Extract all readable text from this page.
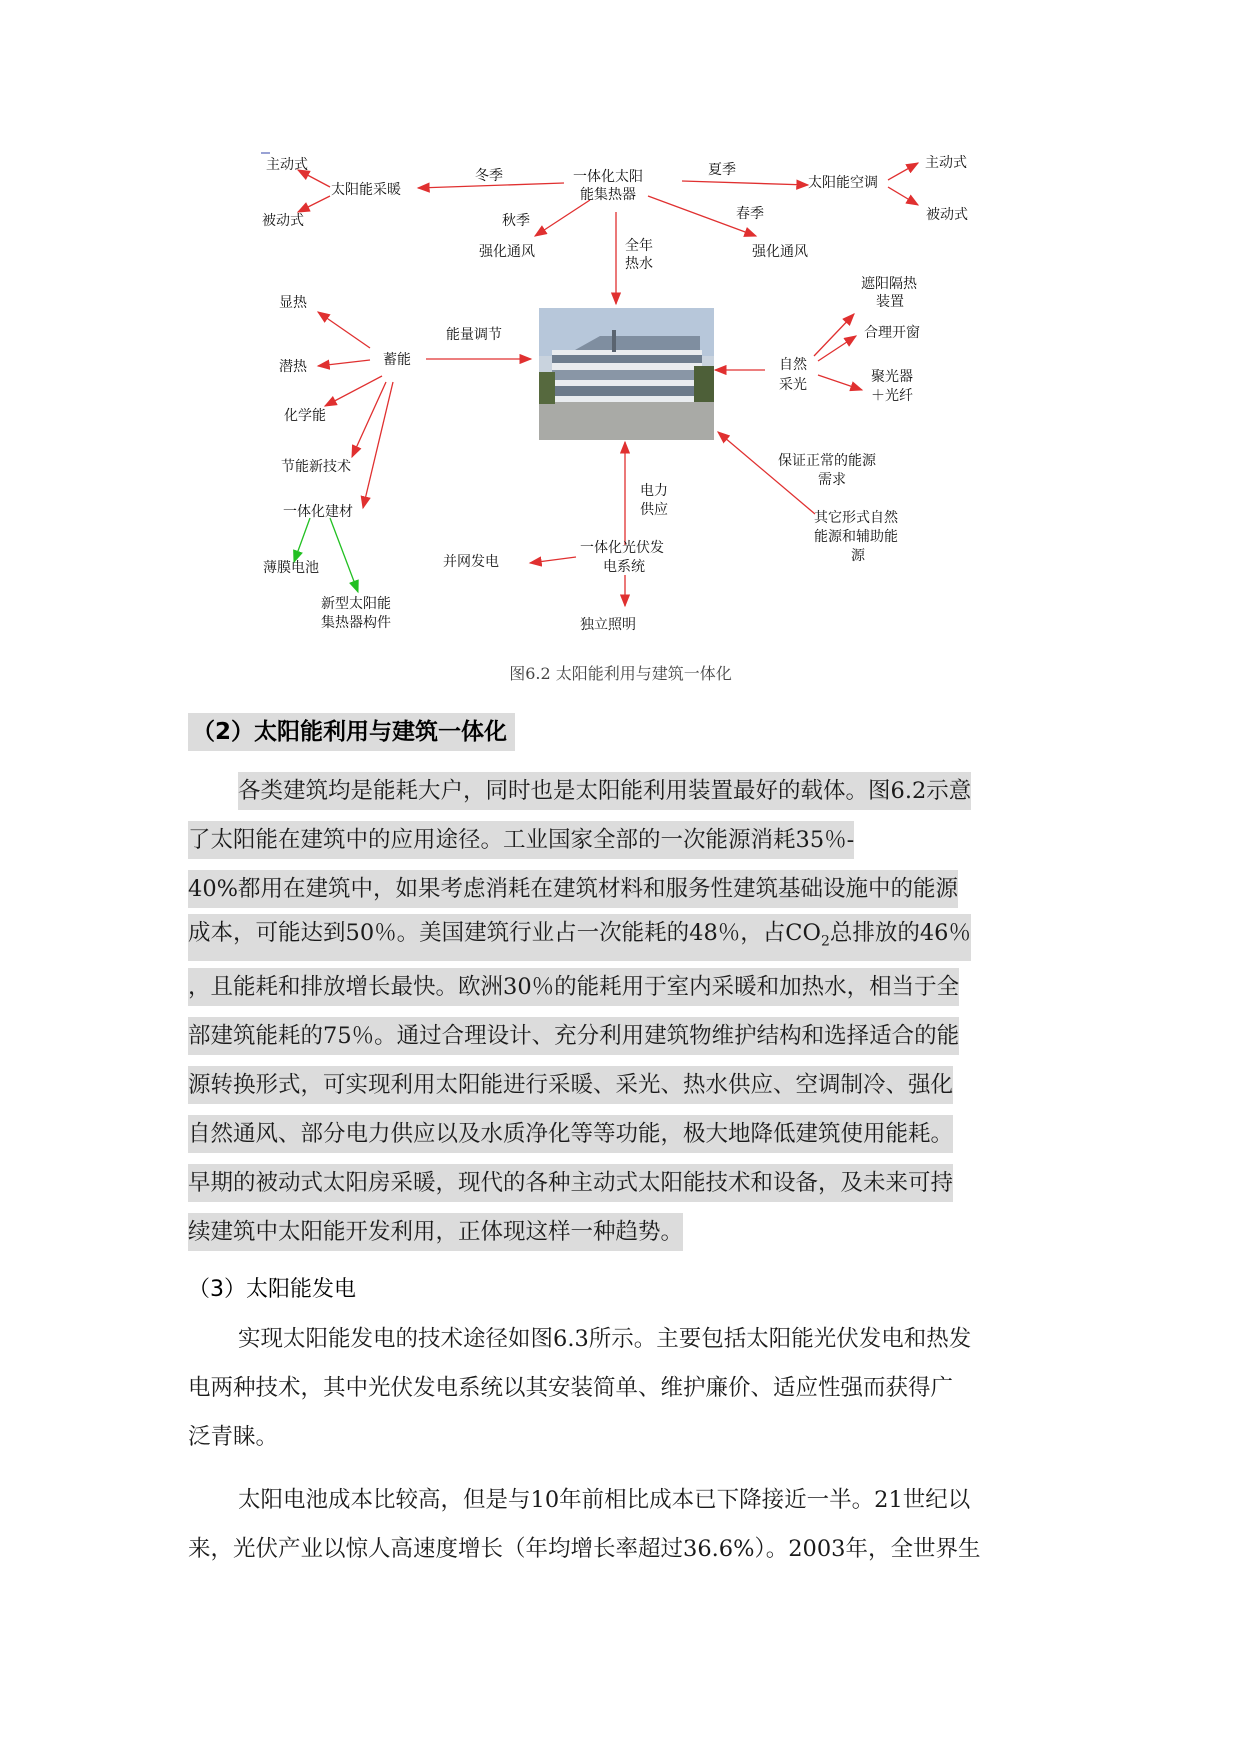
主动式
被动式
太阳能采暖
冬季	夏季
一体化太阳
能集热器
太阳能空调
主动式
被动式
秋季	春季
强化通风	强化通风
全年
热水
显热
潜热
化学能
节能新技术
一体化建材
蓄能
能量调节
遮阳隔热
装置
合理开窗
自然
采光	聚光器
＋光纤
保证正常的能源
需求
其它形式自然
能源和辅助能
源
电力
供应
一体化光伏发
电系统
并网发电
独立照明
薄膜电池
新型太阳能
集热器构件
图6.2 太阳能利用与建筑一体化
（2）太阳能利用与建筑一体化
各类建筑均是能耗大户，同时也是太阳能利用装置最好的载体。图6.2示意
了太阳能在建筑中的应用途径。工业国家全部的一次能源消耗35％-
40%都用在建筑中，如果考虑消耗在建筑材料和服务性建筑基础设施中的能源
成本，可能达到50％。美国建筑行业占一次能耗的48％，占$CO_2$总排放的46％
，且能耗和排放增长最快。欧洲30％的能耗用于室内采暖和加热水，相当于全
部建筑能耗的75％。通过合理设计、充分利用建筑物维护结构和选择适合的能
源转换形式，可实现利用太阳能进行采暖、采光、热水供应、空调制冷、强化
自然通风、部分电力供应以及水质净化等等功能，极大地降低建筑使用能耗。
早期的被动式太阳房采暖，现代的各种主动式太阳能技术和设备，及未来可持
续建筑中太阳能开发利用，正体现这样一种趋势。
（3）太阳能发电
实现太阳能发电的技术途径如图6.3所示。主要包括太阳能光伏发电和热发
电两种技术，其中光伏发电系统以其安装简单、维护廉价、适应性强而获得广
泛青睐。
太阳电池成本比较高，但是与10年前相比成本已下降接近一半。21世纪以
来，光伏产业以惊人高速度增长（年均增长率超过36.6%）。2003年，全世界生
